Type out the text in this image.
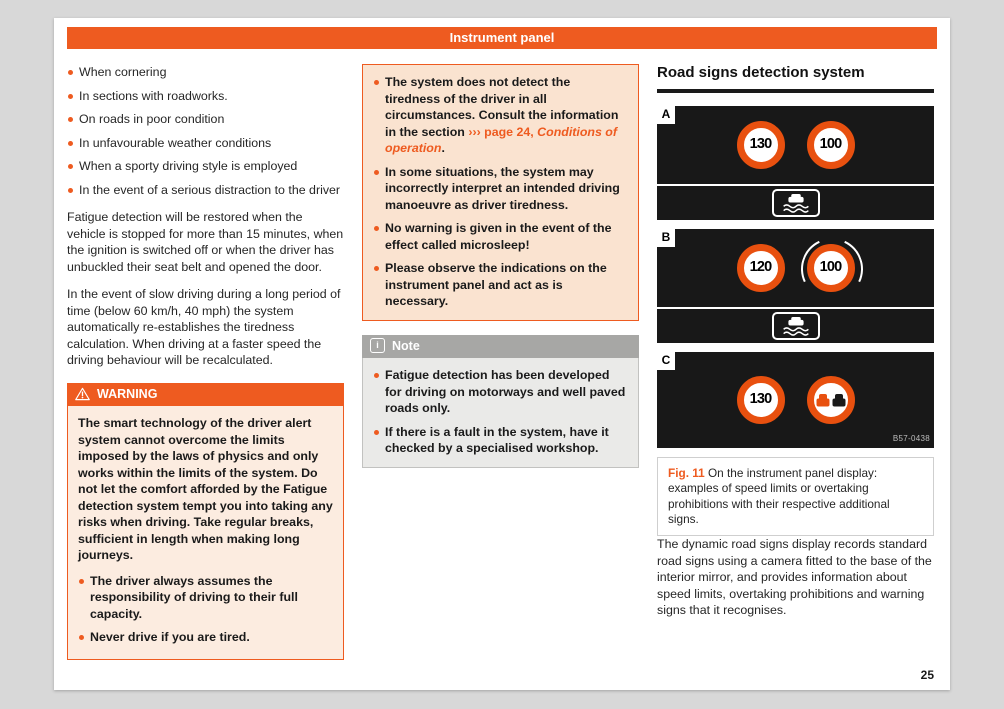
Instrument panel
When cornering
In sections with roadworks.
On roads in poor condition
In unfavourable weather conditions
When a sporty driving style is employed
In the event of a serious distraction to the driver

Fatigue detection will be restored when the vehicle is stopped for more than 15 minutes, when the ignition is switched off or when the driver has unbuckled their seat belt and opened the door.

In the event of slow driving during a long period of time (below 60 km/h, 40 mph) the system automatically re-establishes the tiredness calculation. When driving at a faster speed the driving behaviour will be recalculated.

WARNING

The smart technology of the driver alert system cannot overcome the limits imposed by the laws of physics and only works within the limits of the system. Do not let the comfort afforded by the Fatigue detection system tempt you into taking any risks when driving. Take regular breaks, sufficient in length when making long journeys.

The driver always assumes the responsibility of driving to their full capacity.
Never drive if you are tired.
The system does not detect the tiredness of the driver in all circumstances. Consult the information in the section ››› page 24, Conditions of operation.
In some situations, the system may incorrectly interpret an intended driving manoeuvre as driver tiredness.
No warning is given in the event of the effect called microsleep!
Please observe the indications on the instrument panel and act as is necessary.
i	Note
Fatigue detection has been developed for driving on motorways and well paved roads only.
If there is a fault in the system, have it checked by a specialised workshop.
Road signs detection system
A
130	100
B
120	100
C
130
B57-0438
Fig. 11 On the instrument panel display: examples of speed limits or overtaking prohibitions with their respective additional signs.

The dynamic road signs display records standard road signs using a camera fitted to the base of the interior mirror, and provides information about speed limits, overtaking prohibitions and warning signs that it recognises.

25
